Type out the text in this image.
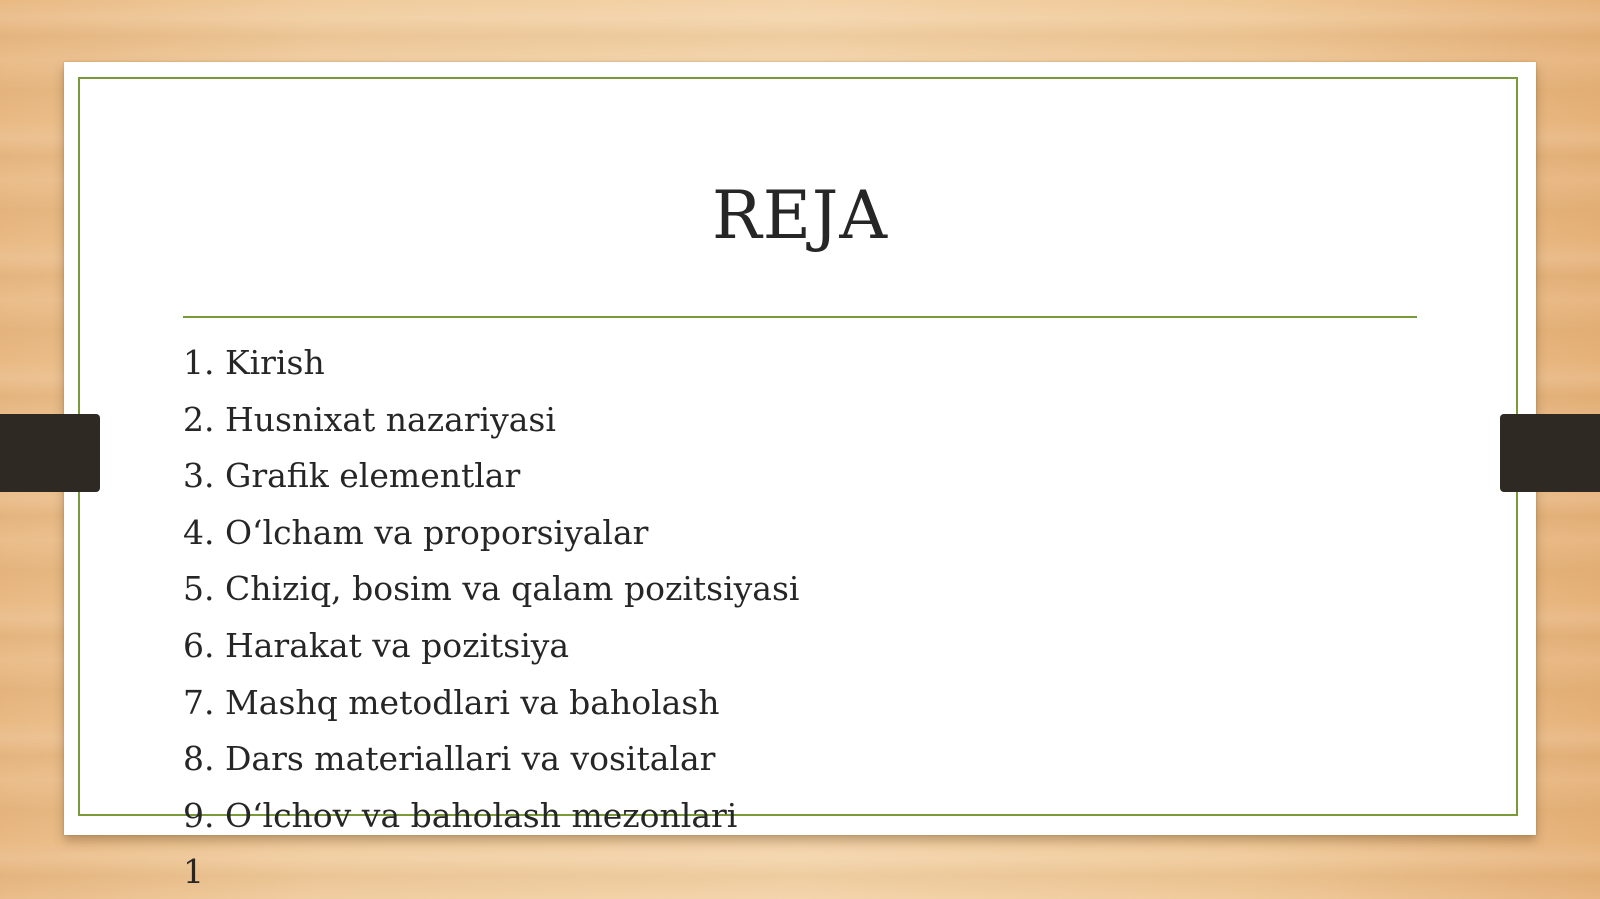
REJA
1. Kirish
2. Husnixat nazariyasi
3. Grafik elementlar
4. O‘lcham va proporsiyalar
5. Chiziq, bosim va qalam pozitsiyasi
6. Harakat va pozitsiya
7. Mashq metodlari va baholash
8. Dars materiallari va vositalar
9. O‘lchov va baholash mezonlari
1
